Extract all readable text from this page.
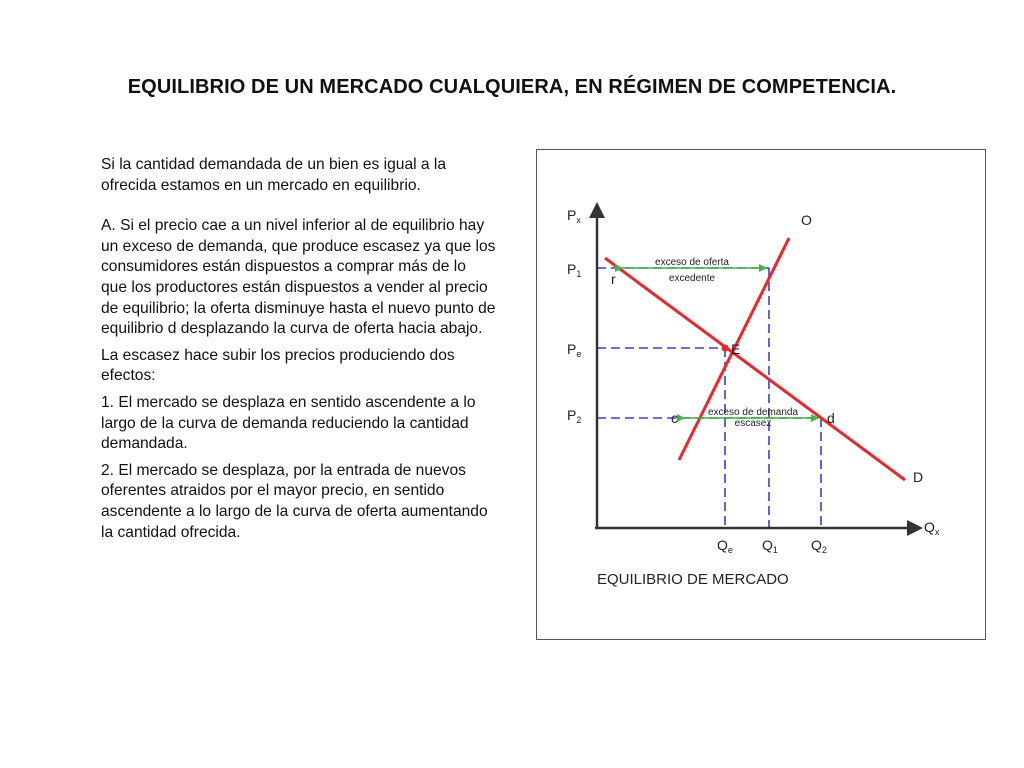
EQUILIBRIO DE UN MERCADO CUALQUIERA, EN RÉGIMEN DE COMPETENCIA.

Si la cantidad demandada de un bien es igual a la ofrecida estamos en un mercado en equilibrio.

A. Si el precio cae a un nivel inferior al de equilibrio hay un exceso de demanda, que produce escasez ya que los consumidores están dispuestos a comprar más de lo que los productores están dispuestos a vender al precio de equilibrio; la oferta disminuye hasta el nuevo punto de equilibrio d desplazando la curva de oferta hacia abajo.

La escasez hace subir los precios produciendo dos efectos:

1. El mercado se desplaza en sentido ascendente a lo largo de la curva de demanda reduciendo la cantidad demandada.

2. El mercado se desplaza, por la entrada de nuevos oferentes atraidos por el mayor precio, en sentido ascendente a lo largo de la curva de oferta aumentando la cantidad ofrecida.

$P_x$
$Q_x$
$P_1$
$P_e$
$P_2$
$Q_e$ $Q_1$ $Q_2$
O
D
r
E
c	d
exceso de oferta
excedente
exceso de demanda
escasez
EQUILIBRIO DE MERCADO
